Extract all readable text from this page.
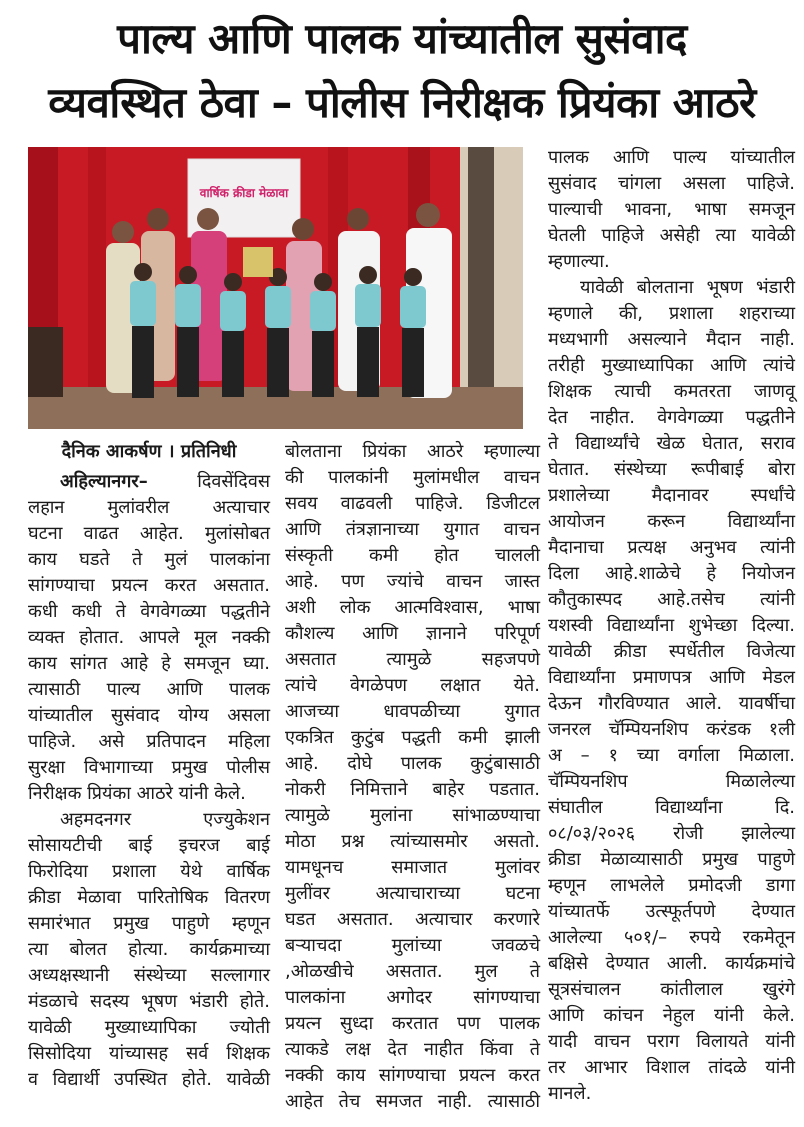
पाल्य आणि पालक यांच्यातील सुसंवाद
व्यवस्थित ठेवा – पोलीस निरीक्षक प्रियंका आठरे
वार्षिक क्रीडा मेळावा
दैनिक आकर्षण । प्रतिनिधी
अहिल्यानगर–	दिवसेंदिवस
लहान मुलांवरील अत्याचार
घटना वाढत आहेत. मुलांसोबत
काय घडते ते मुलं पालकांना
सांगण्याचा प्रयत्न करत असतात.
कधी कधी ते वेगवेगळ्या पद्धतीने
व्यक्त होतात. आपले मूल नक्की
काय सांगत आहे हे समजून घ्या.
त्यासाठी पाल्य आणि पालक
यांच्यातील सुसंवाद योग्य असला
पाहिजे. असे प्रतिपादन महिला
सुरक्षा विभागाच्या प्रमुख पोलीस
निरीक्षक प्रियंका आठरे यांनी केले.
अहमदनगर एज्युकेशन
सोसायटीची बाई इचरज बाई
फिरोदिया प्रशाला येथे वार्षिक
क्रीडा मेळावा पारितोषिक वितरण
समारंभात प्रमुख पाहुणे म्हणून
त्या बोलत होत्या. कार्यक्रमाच्या
अध्यक्षस्थानी संस्थेच्या सल्लागार
मंडळाचे सदस्य भूषण भंडारी होते.
यावेळी मुख्याध्यापिका ज्योती
सिसोदिया यांच्यासह सर्व शिक्षक
व विद्यार्थी उपस्थित होते. यावेळी
बोलताना प्रियंका आठरे म्हणाल्या
की पालकांनी मुलांमधील वाचन
सवय वाढवली पाहिजे. डिजीटल
आणि तंत्रज्ञानाच्या युगात वाचन
संस्कृती कमी होत चालली
आहे. पण ज्यांचे वाचन जास्त
अशी लोक आत्मविश्वास, भाषा
कौशल्य आणि ज्ञानाने परिपूर्ण
असतात त्यामुळे सहजपणे
त्यांचे वेगळेपण लक्षात येते.
आजच्या धावपळीच्या युगात
एकत्रित कुटुंब पद्धती कमी झाली
आहे. दोघे पालक कुटुंबासाठी
नोकरी निमित्ताने बाहेर पडतात.
त्यामुळे मुलांना सांभाळण्याचा
मोठा प्रश्न त्यांच्यासमोर असतो.
यामधूनच समाजात मुलांवर
मुलींवर अत्याचाराच्या घटना
घडत असतात. अत्याचार करणारे
बऱ्याचदा मुलांच्या जवळचे
,ओळखीचे असतात. मुल ते
पालकांना अगोदर सांगण्याचा
प्रयत्न सुध्दा करतात पण पालक
त्याकडे लक्ष देत नाहीत किंवा ते
नक्की काय सांगण्याचा प्रयत्न करत
आहेत तेच समजत नाही. त्यासाठी
पालक आणि पाल्य यांच्यातील
सुसंवाद चांगला असला पाहिजे.
पाल्याची भावना, भाषा समजून
घेतली पाहिजे असेही त्या यावेळी
म्हणाल्या.
यावेळी बोलताना भूषण भंडारी
म्हणाले की, प्रशाला शहराच्या
मध्यभागी असल्याने मैदान नाही.
तरीही मुख्याध्यापिका आणि त्यांचे
शिक्षक त्याची कमतरता जाणवू
देत नाहीत. वेगवेगळ्या पद्धतीने
ते विद्यार्थ्यांचे खेळ घेतात, सराव
घेतात. संस्थेच्या रूपीबाई बोरा
प्रशालेच्या मैदानावर स्पर्धांचे
आयोजन करून विद्यार्थ्यांना
मैदानाचा प्रत्यक्ष अनुभव त्यांनी
दिला आहे.शाळेचे हे नियोजन
कौतुकास्पद आहे.तसेच त्यांनी
यशस्वी विद्यार्थ्यांना शुभेच्छा दिल्या.
यावेळी क्रीडा स्पर्धेतील विजेत्या
विद्यार्थ्यांना प्रमाणपत्र आणि मेडल
देऊन गौरविण्यात आले. यावर्षीचा
जनरल चॅम्पियनशिप करंडक १ली
अ – १ च्या वर्गाला मिळाला.
चॅम्पियनशिप मिळालेल्या
संघातील विद्यार्थ्यांना दि.
०८/०३/२०२६ रोजी झालेल्या
क्रीडा मेळाव्यासाठी प्रमुख पाहुणे
म्हणून लाभलेले प्रमोदजी डागा
यांच्यातर्फे उत्स्फूर्तपणे देण्यात
आलेल्या ५०१/– रुपये रकमेतून
बक्षिसे देण्यात आली. कार्यक्रमांचे
सूत्रसंचालन कांतीलाल खुरंगे
आणि कांचन नेहुल यांनी केले.
यादी वाचन पराग विलायते यांनी
तर आभार विशाल तांदळे यांनी
मानले.
